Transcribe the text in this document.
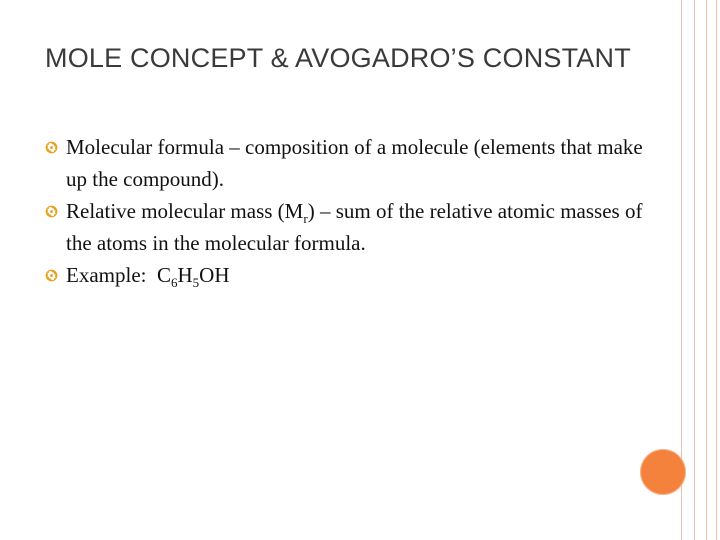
MOLE CONCEPT & AVOGADRO’S CONSTANT
Molecular formula – composition of a molecule (elements that make up the compound).
Relative molecular mass $(M_r)$ – sum of the relative atomic masses of the atoms in the molecular formula.
Example: $C_6H_5OH$
